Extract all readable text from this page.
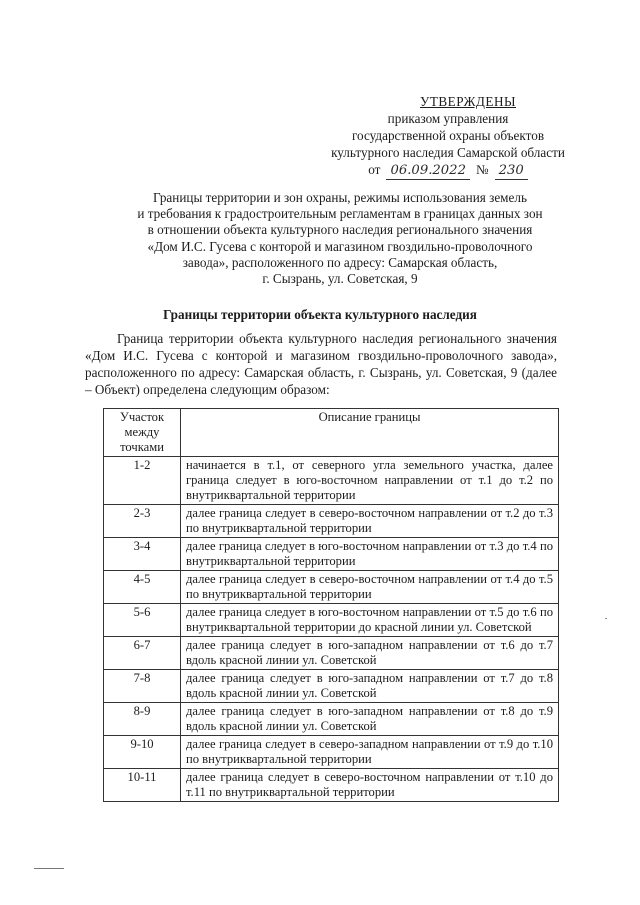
УТВЕРЖДЕНЫ
приказом управления
государственной охраны объектов
культурного наследия Самарской области
от 06.09.2022 № 230
Границы территории и зон охраны, режимы использования земель
и требования к градостроительным регламентам в границах данных зон
в отношении объекта культурного наследия регионального значения
«Дом И.С. Гусева с конторой и магазином гвоздильно-проволочного
завода», расположенного по адресу: Самарская область,
г. Сызрань, ул. Советская, 9
Границы территории объекта культурного наследия
Граница территории объекта культурного наследия регионального значения «Дом И.С. Гусева с конторой и магазином гвоздильно-проволочного завода», расположенного по адресу: Самарская область, г. Сызрань, ул. Советская, 9 (далее – Объект) определена следующим образом:
Участок между точками	Описание границы
1-2	начинается в т.1, от северного угла земельного участка, далее граница следует в юго-восточном направлении от т.1 до т.2 по внутриквартальной территории
2-3	далее граница следует в северо-восточном направлении от т.2 до т.3 по внутриквартальной территории
3-4	далее граница следует в юго-восточном направлении от т.3 до т.4 по внутриквартальной территории
4-5	далее граница следует в северо-восточном направлении от т.4 до т.5 по внутриквартальной территории
5-6	далее граница следует в юго-восточном направлении от т.5 до т.6 по внутриквартальной территории до красной линии ул. Советской
6-7	далее граница следует в юго-западном направлении от т.6 до т.7 вдоль красной линии ул. Советской
7-8	далее граница следует в юго-западном направлении от т.7 до т.8 вдоль красной линии ул. Советской
8-9	далее граница следует в юго-западном направлении от т.8 до т.9 вдоль красной линии ул. Советской
9-10	далее граница следует в северо-западном направлении от т.9 до т.10 по внутриквартальной территории
10-11	далее граница следует в северо-восточном направлении от т.10 до т.11 по внутриквартальной территории
